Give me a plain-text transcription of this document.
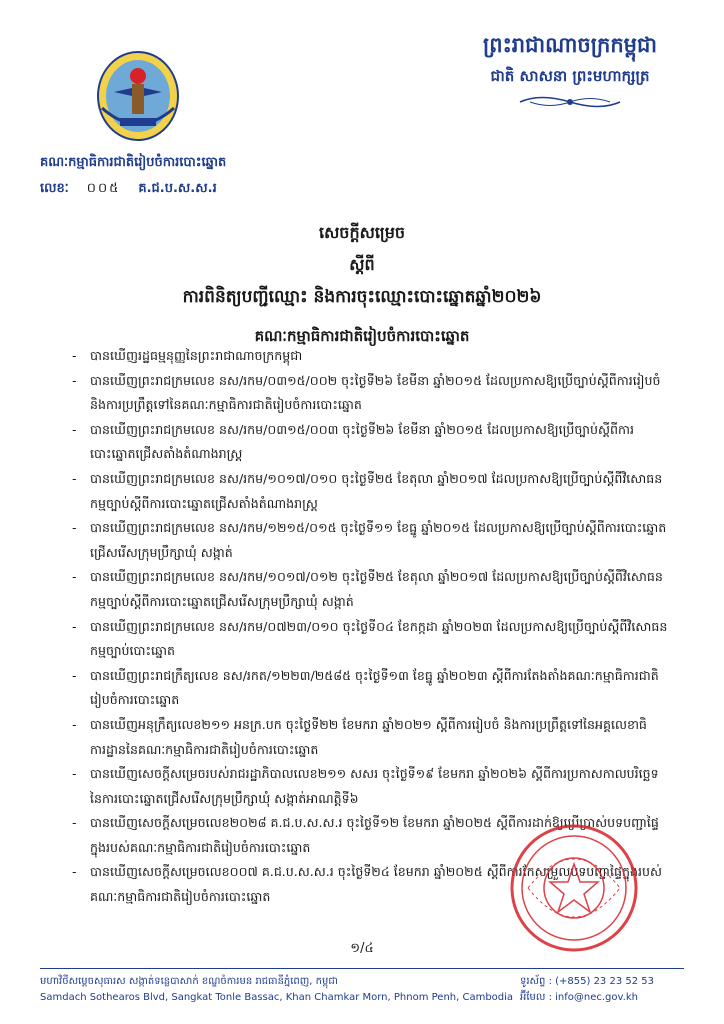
ព្រះរាជាណាចក្រកម្ពុជា
ជាតិ សាសនា ព្រះមហាក្សត្រ
គណៈកម្មាធិការជាតិរៀបចំការបោះឆ្នោត
លេខៈ ០០៥ គ.ជ.ប.ស.ស.រ
សេចក្ដីសម្រេច
ស្ដីពី
ការពិនិត្យបញ្ជីឈ្មោះ និងការចុះឈ្មោះបោះឆ្នោតឆ្នាំ២០២៦
គណៈកម្មាធិការជាតិរៀបចំការបោះឆ្នោត
- បានឃើញរដ្ឋធម្មនុញ្ញនៃព្រះរាជាណាចក្រកម្ពុជា
- បានឃើញព្រះរាជក្រមលេខ នស/រកម/០៣១៥/០០២ ចុះថ្ងៃទី២៦ ខែមីនា ឆ្នាំ២០១៥ ដែលប្រកាសឱ្យប្រើច្បាប់ស្ដីពីការរៀបចំ និងការប្រព្រឹត្តទៅនៃគណៈកម្មាធិការជាតិរៀបចំការបោះឆ្នោត
- បានឃើញព្រះរាជក្រមលេខ នស/រកម/០៣១៥/០០៣ ចុះថ្ងៃទី២៦ ខែមីនា ឆ្នាំ២០១៥ ដែលប្រកាសឱ្យប្រើច្បាប់ស្ដីពីការបោះឆ្នោតជ្រើសតាំងតំណាងរាស្ត្រ
- បានឃើញព្រះរាជក្រមលេខ នស/រកម/១០១៧/០១០ ចុះថ្ងៃទី២៥ ខែតុលា ឆ្នាំ២០១៧ ដែលប្រកាសឱ្យប្រើច្បាប់ស្ដីពីវិសោធនកម្មច្បាប់ស្ដីពីការបោះឆ្នោតជ្រើសតាំងតំណាងរាស្ត្រ
- បានឃើញព្រះរាជក្រមលេខ នស/រកម/១២១៥/០១៥ ចុះថ្ងៃទី១១ ខែធ្នូ ឆ្នាំ២០១៥ ដែលប្រកាសឱ្យប្រើច្បាប់ស្ដីពីការបោះឆ្នោតជ្រើសរើសក្រុមប្រឹក្សាឃុំ សង្កាត់
- បានឃើញព្រះរាជក្រមលេខ នស/រកម/១០១៧/០១២ ចុះថ្ងៃទី២៥ ខែតុលា ឆ្នាំ២០១៧ ដែលប្រកាសឱ្យប្រើច្បាប់ស្ដីពីវិសោធនកម្មច្បាប់ស្ដីពីការបោះឆ្នោតជ្រើសរើសក្រុមប្រឹក្សាឃុំ សង្កាត់
- បានឃើញព្រះរាជក្រមលេខ នស/រកម/០៧២៣/០១០ ចុះថ្ងៃទី០៤ ខែកក្កដា ឆ្នាំ២០២៣ ដែលប្រកាសឱ្យប្រើច្បាប់ស្ដីពីវិសោធនកម្មច្បាប់បោះឆ្នោត
- បានឃើញព្រះរាជក្រឹត្យលេខ នស/រកត/១២២៣/២៥៨៥ ចុះថ្ងៃទី១៣ ខែធ្នូ ឆ្នាំ២០២៣ ស្ដីពីការតែងតាំងគណៈកម្មាធិការជាតិរៀបចំការបោះឆ្នោត
- បានឃើញអនុក្រឹត្យលេខ២១១ អនក្រ.បក ចុះថ្ងៃទី២២ ខែមករា ឆ្នាំ២០២១ ស្ដីពីការរៀបចំ និងការប្រព្រឹត្តទៅនៃអគ្គលេខាធិការដ្ឋាននៃគណៈកម្មាធិការជាតិរៀបចំការបោះឆ្នោត
- បានឃើញសេចក្ដីសម្រេចរបស់រាជរដ្ឋាភិបាលលេខ២១១ សសរ ចុះថ្ងៃទី១៩ ខែមករា ឆ្នាំ២០២៦ ស្ដីពីការប្រកាសកាលបរិច្ឆេទនៃការបោះឆ្នោតជ្រើសរើសក្រុមប្រឹក្សាឃុំ សង្កាត់អាណត្តិទី៦
- បានឃើញសេចក្ដីសម្រេចលេខ២០២៨ គ.ជ.ប.ស.ស.រ ចុះថ្ងៃទី១២ ខែមករា ឆ្នាំ២០២៥ ស្ដីពីការដាក់ឱ្យប្រើប្រាស់បទបញ្ជាផ្ទៃក្នុងរបស់គណៈកម្មាធិការជាតិរៀបចំការបោះឆ្នោត
- បានឃើញសេចក្ដីសម្រេចលេខ០០៧ គ.ជ.ប.ស.ស.រ ចុះថ្ងៃទី២៤ ខែមករា ឆ្នាំ២០២៥ ស្ដីពីការកែសម្រួលបទបញ្ជាផ្ទៃក្នុងរបស់គណៈកម្មាធិការជាតិរៀបចំការបោះឆ្នោត
១/៤
មហាវិថីសម្ដេចសុធារស សង្កាត់ទន្លេបាសាក់ ខណ្ឌចំការមន រាជធានីភ្នំពេញ, កម្ពុជា
Samdach Sothearos Blvd, Sangkat Tonle Bassac, Khan Chamkar Morn, Phnom Penh, Cambodia
ទូរស័ព្ទ : (+855) 23 23 52 53
អ៊ីមែល : info@nec.gov.kh
